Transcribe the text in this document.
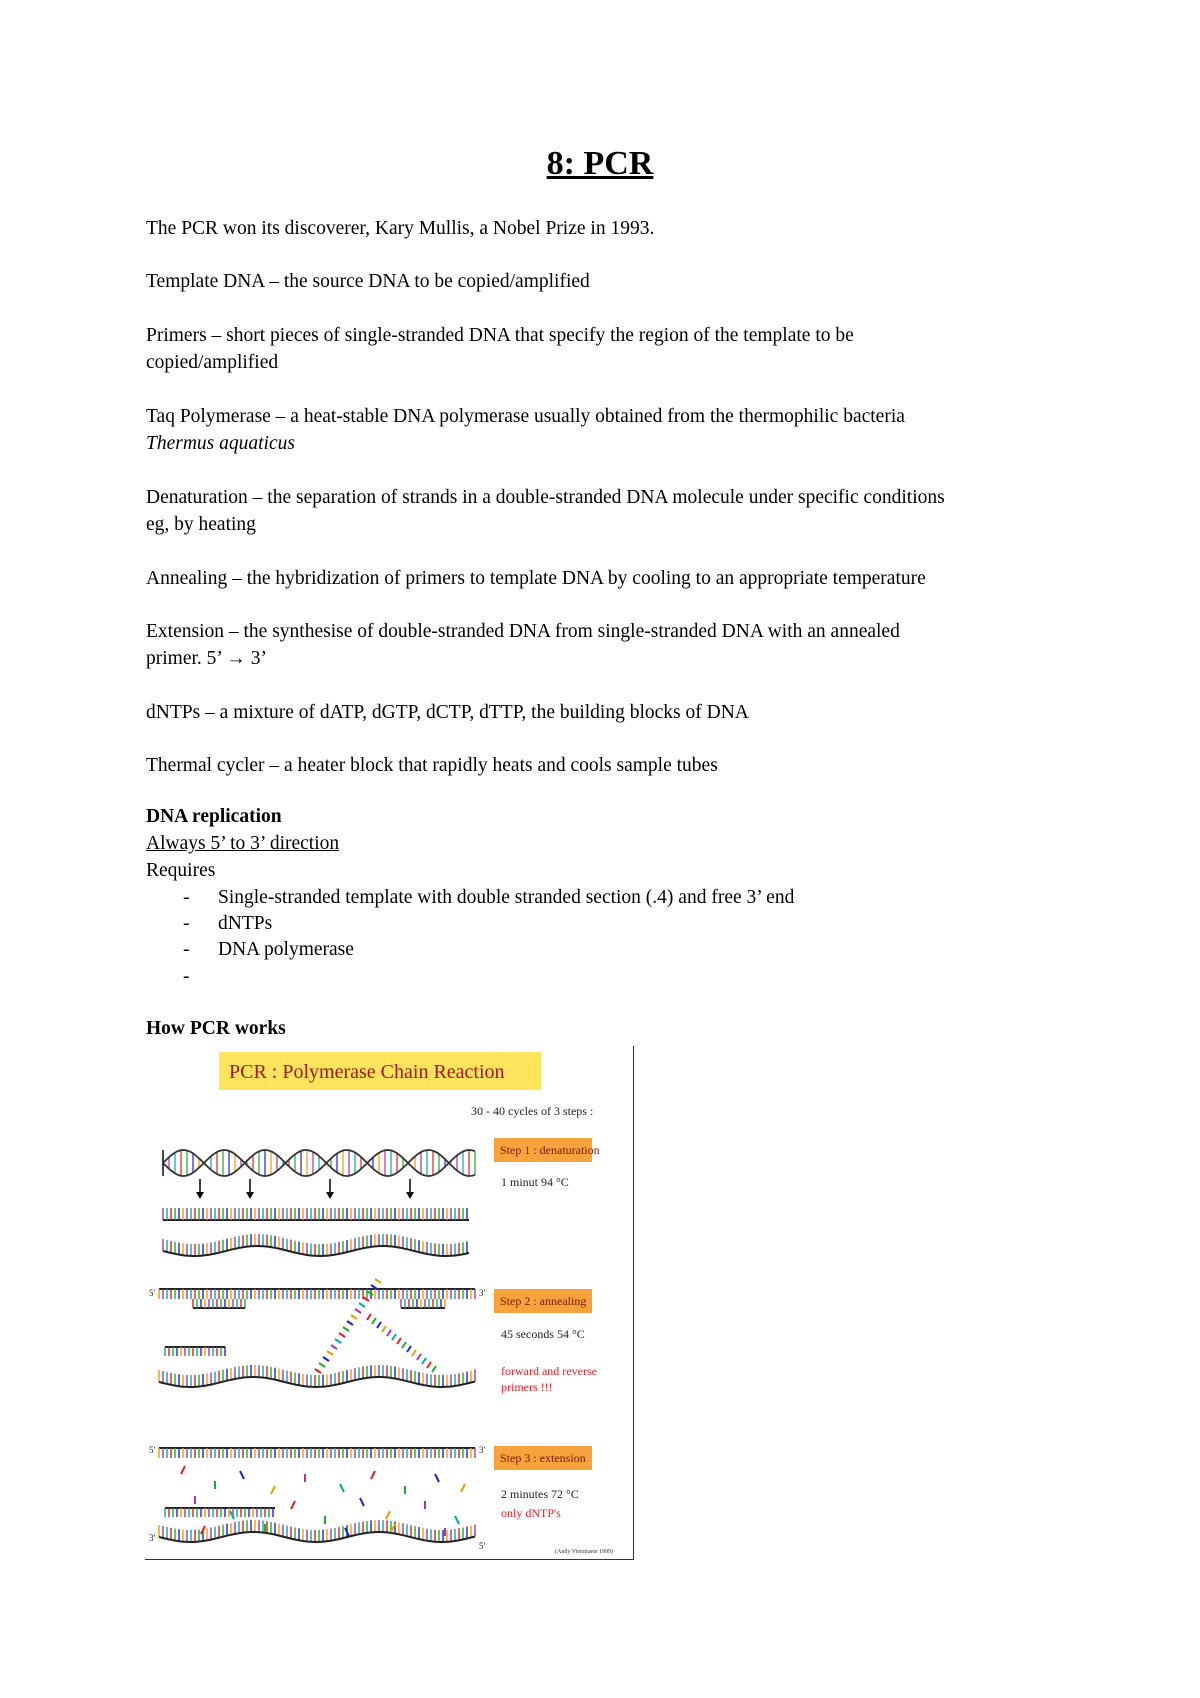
8: PCR
The PCR won its discoverer, Kary Mullis, a Nobel Prize in 1993.
Template DNA – the source DNA to be copied/amplified
Primers – short pieces of single-stranded DNA that specify the region of the template to be
copied/amplified
Taq Polymerase – a heat-stable DNA polymerase usually obtained from the thermophilic bacteria
Thermus aquaticus
Denaturation – the separation of strands in a double-stranded DNA molecule under specific conditions
eg, by heating
Annealing – the hybridization of primers to template DNA by cooling to an appropriate temperature
Extension – the synthesise of double-stranded DNA from single-stranded DNA with an annealed
primer. 5’ → 3’
dNTPs – a mixture of dATP, dGTP, dCTP, dTTP, the building blocks of DNA
Thermal cycler – a heater block that rapidly heats and cools sample tubes
DNA replication
Always 5’ to 3’ direction
Requires
- Single-stranded template with double stranded section (.4) and free 3’ end
- dNTPs
- DNA polymerase
-
How PCR works
PCR : Polymerase Chain Reaction
30 - 40 cycles of 3 steps :
Step 1 : denaturation
1 minut 94 °C
Step 2 : annealing
45 seconds 54 °C
forward and reverse
primers !!!
Step 3 : extension
2 minutes 72 °C
only dNTP's
(Andy Vierstraete 1999)
5'	3'
5'	3'
3'
5'
